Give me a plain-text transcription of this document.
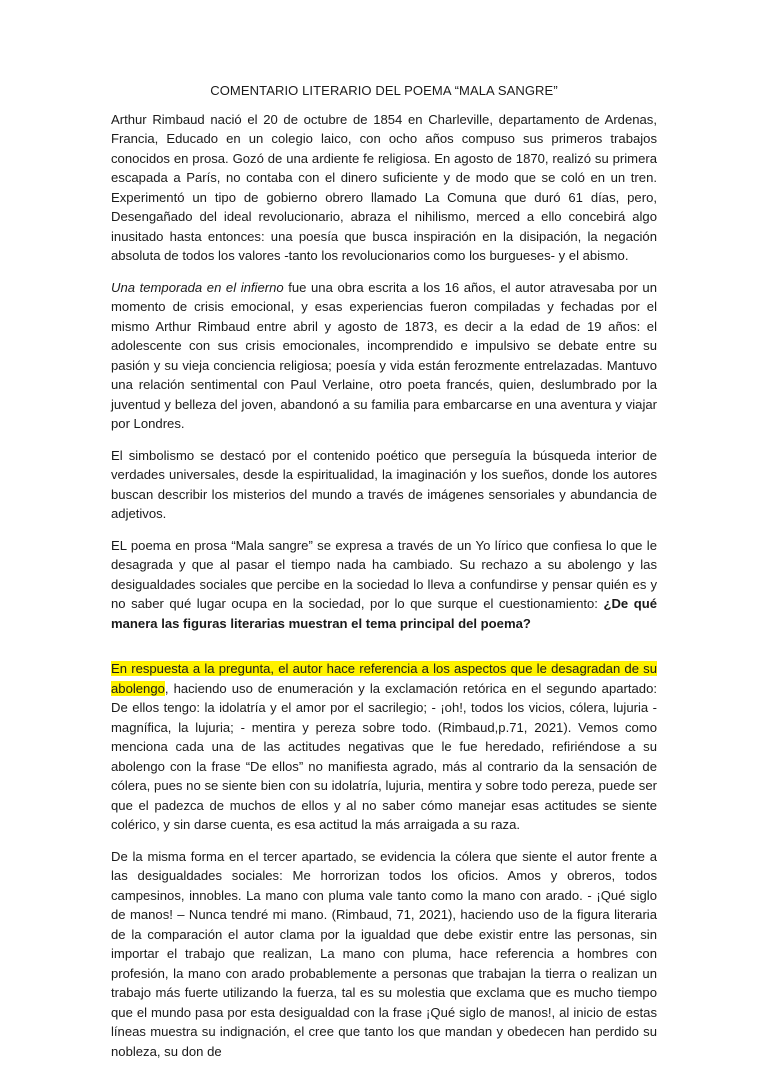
COMENTARIO LITERARIO DEL POEMA “MALA SANGRE”

Arthur Rimbaud nació el 20 de octubre de 1854 en Charleville, departamento de Ardenas, Francia, Educado en un colegio laico, con ocho años compuso sus primeros trabajos conocidos en prosa. Gozó de una ardiente fe religiosa. En agosto de 1870, realizó su primera escapada a París, no contaba con el dinero suficiente y de modo que se coló en un tren. Experimentó un tipo de gobierno obrero llamado La Comuna que duró 61 días, pero, Desengañado del ideal revolucionario, abraza el nihilismo, merced a ello concebirá algo inusitado hasta entonces: una poesía que busca inspiración en la disipación, la negación absoluta de todos los valores -tanto los revolucionarios como los burgueses- y el abismo.

Una temporada en el infierno fue una obra escrita a los 16 años, el autor atravesaba por un momento de crisis emocional, y esas experiencias fueron compiladas y fechadas por el mismo Arthur Rimbaud entre abril y agosto de 1873, es decir a la edad de 19 años: el adolescente con sus crisis emocionales, incomprendido e impulsivo se debate entre su pasión y su vieja conciencia religiosa; poesía y vida están ferozmente entrelazadas. Mantuvo una relación sentimental con Paul Verlaine, otro poeta francés, quien, deslumbrado por la juventud y belleza del joven, abandonó a su familia para embarcarse en una aventura y viajar por Londres.

El simbolismo se destacó por el contenido poético que perseguía la búsqueda interior de verdades universales, desde la espiritualidad, la imaginación y los sueños, donde los autores buscan describir los misterios del mundo a través de imágenes sensoriales y abundancia de adjetivos.

EL poema en prosa “Mala sangre” se expresa a través de un Yo lírico que confiesa lo que le desagrada y que al pasar el tiempo nada ha cambiado. Su rechazo a su abolengo y las desigualdades sociales que percibe en la sociedad lo lleva a confundirse y pensar quién es y no saber qué lugar ocupa en la sociedad, por lo que surque el cuestionamiento: ¿De qué manera las figuras literarias muestran el tema principal del poema?

En respuesta a la pregunta, el autor hace referencia a los aspectos que le desagradan de su abolengo, haciendo uso de enumeración y la exclamación retórica en el segundo apartado: De ellos tengo: la idolatría y el amor por el sacrilegio; - ¡oh!, todos los vicios, cólera, lujuria - magnífica, la lujuria; - mentira y pereza sobre todo. (Rimbaud,p.71, 2021). Vemos como menciona cada una de las actitudes negativas que le fue heredado, refiriéndose a su abolengo con la frase “De ellos” no manifiesta agrado, más al contrario da la sensación de cólera, pues no se siente bien con su idolatría, lujuria, mentira y sobre todo pereza, puede ser que el padezca de muchos de ellos y al no saber cómo manejar esas actitudes se siente colérico, y sin darse cuenta, es esa actitud la más arraigada a su raza.

De la misma forma en el tercer apartado, se evidencia la cólera que siente el autor frente a las desigualdades sociales: Me horrorizan todos los oficios. Amos y obreros, todos campesinos, innobles. La mano con pluma vale tanto como la mano con arado. - ¡Qué siglo de manos! – Nunca tendré mi mano. (Rimbaud, 71, 2021), haciendo uso de la figura literaria de la comparación el autor clama por la igualdad que debe existir entre las personas, sin importar el trabajo que realizan, La mano con pluma, hace referencia a hombres con profesión, la mano con arado probablemente a personas que trabajan la tierra o realizan un trabajo más fuerte utilizando la fuerza, tal es su molestia que exclama que es mucho tiempo que el mundo pasa por esta desigualdad con la frase ¡Qué siglo de manos!, al inicio de estas líneas muestra su indignación, el cree que tanto los que mandan y obedecen han perdido su nobleza, su don de
